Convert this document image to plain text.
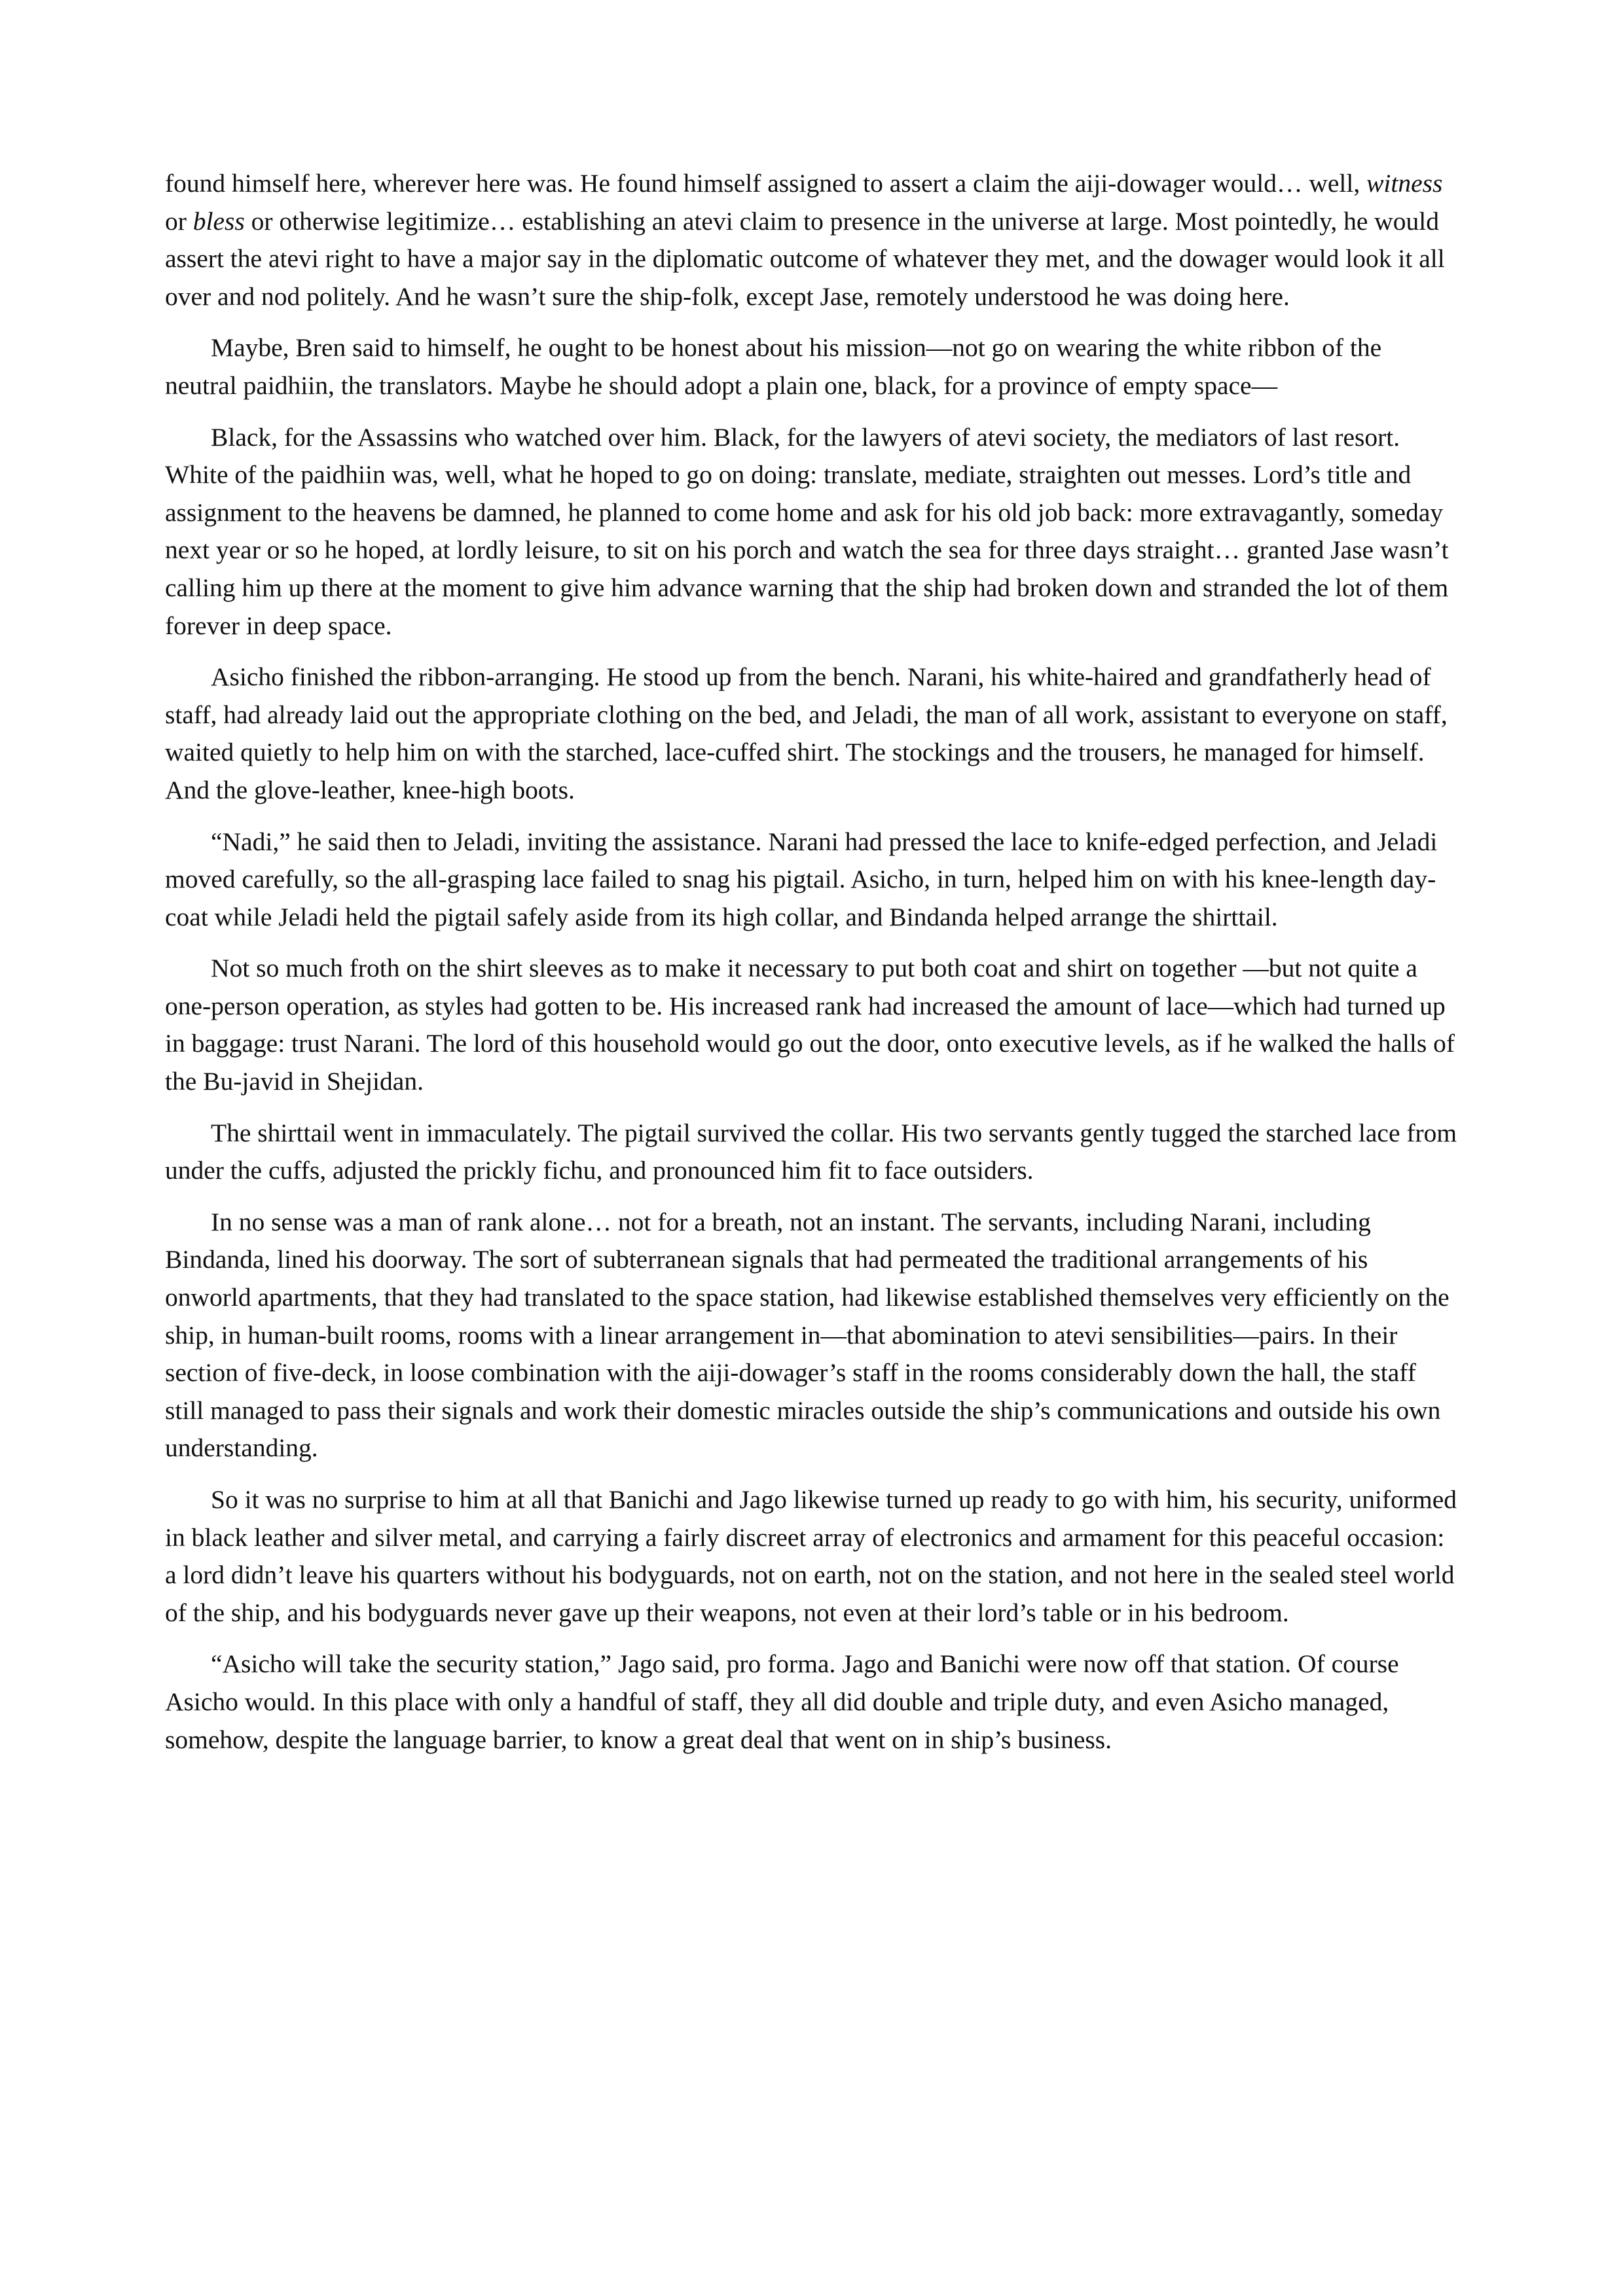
found himself here, wherever here was. He found himself assigned to assert a claim the aiji-dowager would… well, witness or bless or otherwise legitimize… establishing an atevi claim to presence in the universe at large. Most pointedly, he would assert the atevi right to have a major say in the diplomatic outcome of whatever they met, and the dowager would look it all over and nod politely. And he wasn’t sure the ship-folk, except Jase, remotely understood he was doing here.

Maybe, Bren said to himself, he ought to be honest about his mission—not go on wearing the white ribbon of the neutral paidhiin, the translators. Maybe he should adopt a plain one, black, for a province of empty space—

Black, for the Assassins who watched over him. Black, for the lawyers of atevi society, the mediators of last resort. White of the paidhiin was, well, what he hoped to go on doing: translate, mediate, straighten out messes. Lord’s title and assignment to the heavens be damned, he planned to come home and ask for his old job back: more extravagantly, someday next year or so he hoped, at lordly leisure, to sit on his porch and watch the sea for three days straight… granted Jase wasn’t calling him up there at the moment to give him advance warning that the ship had broken down and stranded the lot of them forever in deep space.

Asicho finished the ribbon-arranging. He stood up from the bench. Narani, his white-haired and grandfatherly head of staff, had already laid out the appropriate clothing on the bed, and Jeladi, the man of all work, assistant to everyone on staff, waited quietly to help him on with the starched, lace-cuffed shirt. The stockings and the trousers, he managed for himself. And the glove-leather, knee-high boots.

“Nadi,” he said then to Jeladi, inviting the assistance. Narani had pressed the lace to knife-edged perfection, and Jeladi moved carefully, so the all-grasping lace failed to snag his pigtail. Asicho, in turn, helped him on with his knee-length day-coat while Jeladi held the pigtail safely aside from its high collar, and Bindanda helped arrange the shirttail.

Not so much froth on the shirt sleeves as to make it necessary to put both coat and shirt on together —but not quite a one-person operation, as styles had gotten to be. His increased rank had increased the amount of lace—which had turned up in baggage: trust Narani. The lord of this household would go out the door, onto executive levels, as if he walked the halls of the Bu-javid in Shejidan.

The shirttail went in immaculately. The pigtail survived the collar. His two servants gently tugged the starched lace from under the cuffs, adjusted the prickly fichu, and pronounced him fit to face outsiders.

In no sense was a man of rank alone… not for a breath, not an instant. The servants, including Narani, including Bindanda, lined his doorway. The sort of subterranean signals that had permeated the traditional arrangements of his onworld apartments, that they had translated to the space station, had likewise established themselves very efficiently on the ship, in human-built rooms, rooms with a linear arrangement in—that abomination to atevi sensibilities—pairs. In their section of five-deck, in loose combination with the aiji-dowager’s staff in the rooms considerably down the hall, the staff still managed to pass their signals and work their domestic miracles outside the ship’s communications and outside his own understanding.

So it was no surprise to him at all that Banichi and Jago likewise turned up ready to go with him, his security, uniformed in black leather and silver metal, and carrying a fairly discreet array of electronics and armament for this peaceful occasion: a lord didn’t leave his quarters without his bodyguards, not on earth, not on the station, and not here in the sealed steel world of the ship, and his bodyguards never gave up their weapons, not even at their lord’s table or in his bedroom.

“Asicho will take the security station,” Jago said, pro forma. Jago and Banichi were now off that station. Of course Asicho would. In this place with only a handful of staff, they all did double and triple duty, and even Asicho managed, somehow, despite the language barrier, to know a great deal that went on in ship’s business.
